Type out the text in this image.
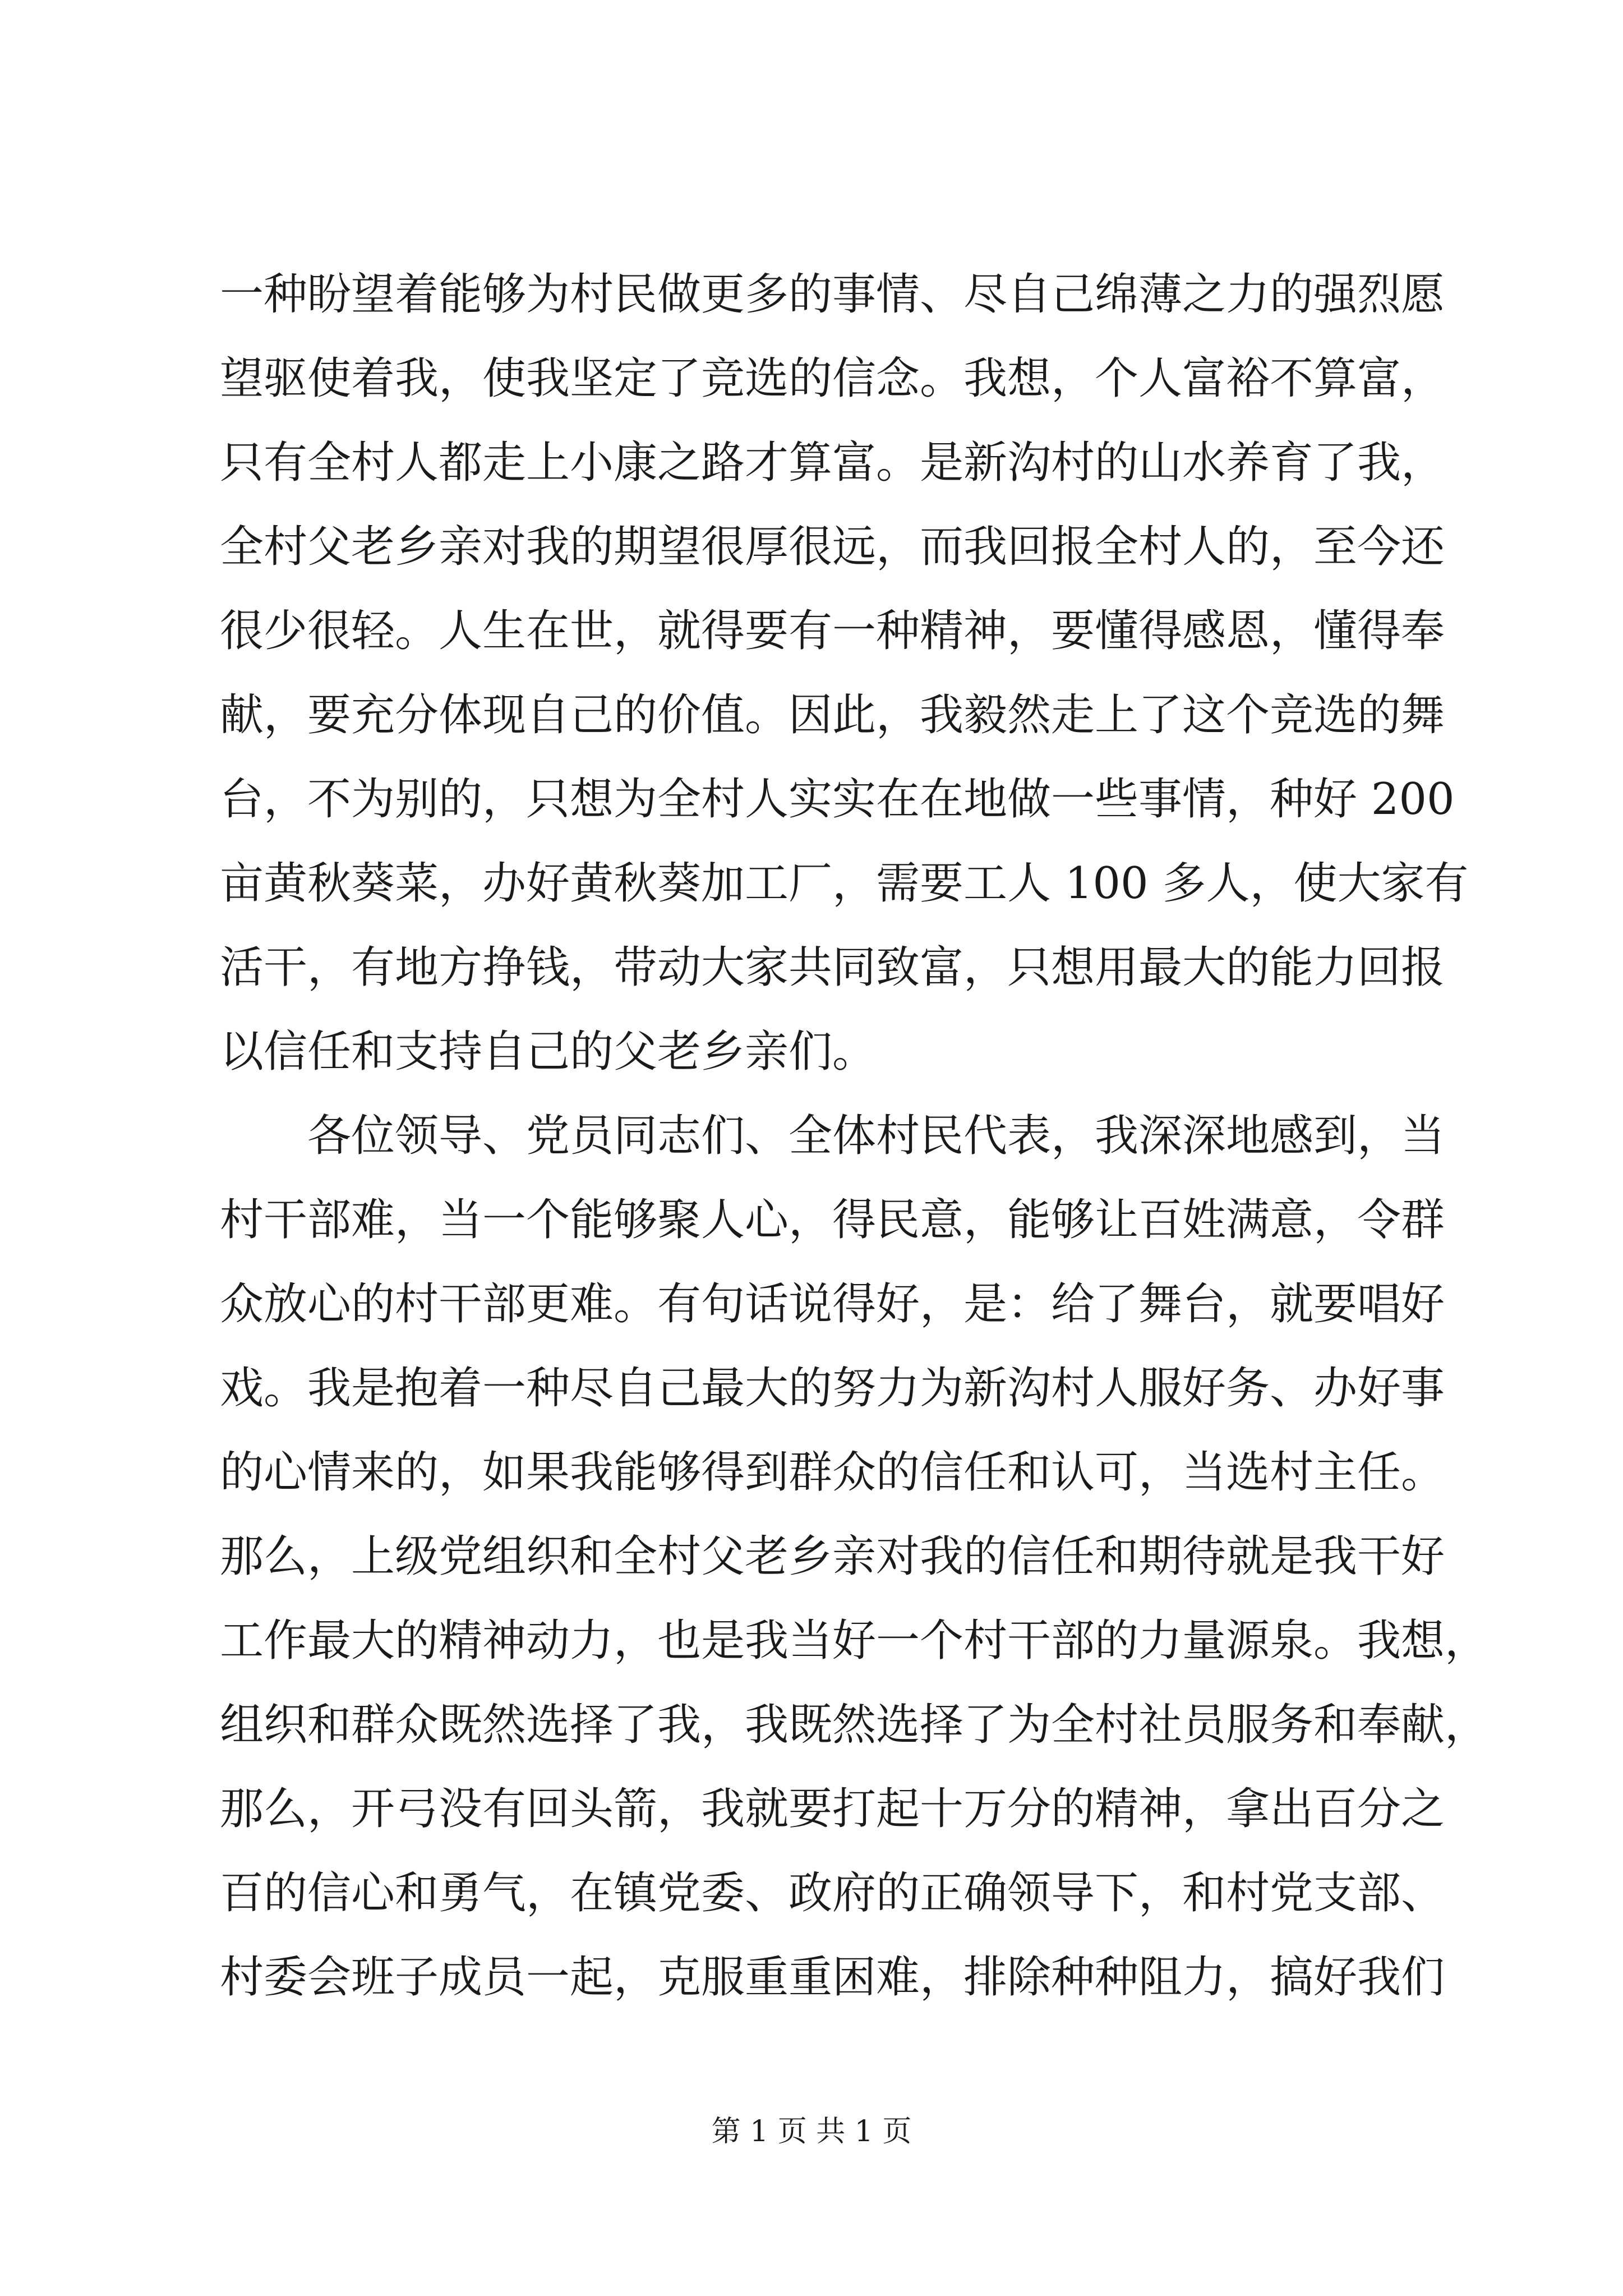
一种盼望着能够为村民做更多的事情、尽自己绵薄之力的强烈愿
望驱使着我，使我坚定了竞选的信念。我想，个人富裕不算富，
只有全村人都走上小康之路才算富。是新沟村的山水养育了我，
全村父老乡亲对我的期望很厚很远，而我回报全村人的，至今还
很少很轻。人生在世，就得要有一种精神，要懂得感恩，懂得奉
献，要充分体现自己的价值。因此，我毅然走上了这个竞选的舞
台，不为别的，只想为全村人实实在在地做一些事情，种好 200
亩黄秋葵菜，办好黄秋葵加工厂，需要工人 100 多人，使大家有
活干，有地方挣钱，带动大家共同致富，只想用最大的能力回报
以信任和支持自己的父老乡亲们。
各位领导、党员同志们、全体村民代表，我深深地感到，当
村干部难，当一个能够聚人心，得民意，能够让百姓满意，令群
众放心的村干部更难。有句话说得好，是：给了舞台，就要唱好
戏。我是抱着一种尽自己最大的努力为新沟村人服好务、办好事
的心情来的，如果我能够得到群众的信任和认可，当选村主任。
那么，上级党组织和全村父老乡亲对我的信任和期待就是我干好
工作最大的精神动力，也是我当好一个村干部的力量源泉。我想，
组织和群众既然选择了我，我既然选择了为全村社员服务和奉献，
那么，开弓没有回头箭，我就要打起十万分的精神，拿出百分之
百的信心和勇气，在镇党委、政府的正确领导下，和村党支部、
村委会班子成员一起，克服重重困难，排除种种阻力，搞好我们
第 1 页 共 1 页
